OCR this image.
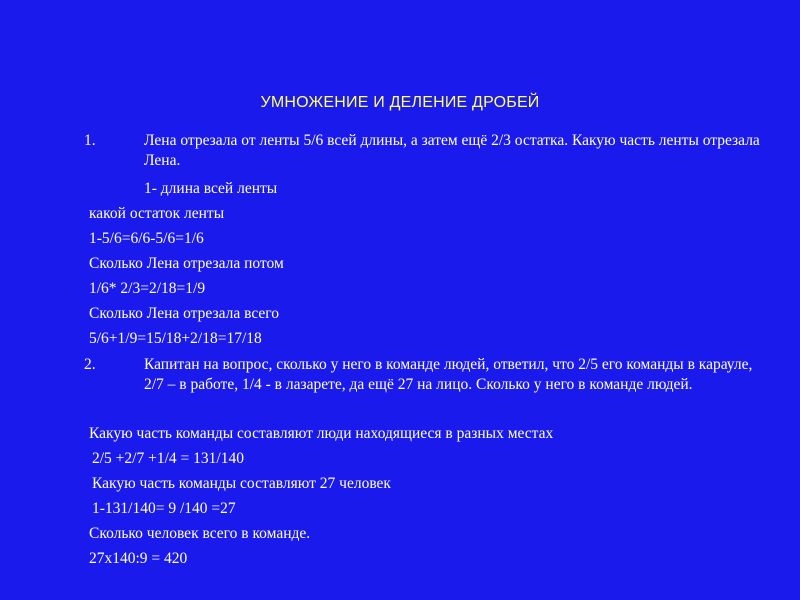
УМНОЖЕНИЕ И ДЕЛЕНИЕ ДРОБЕЙ
1.	Лена отрезала от ленты 5/6 всей длины, а затем ещё 2/3 остатка. Какую часть ленты отрезала Лена.
1- длина всей ленты
какой остаток ленты
1-5/6=6/6-5/6=1/6
Сколько Лена отрезала потом
1/6* 2/3=2/18=1/9
Сколько Лена отрезала всего
5/6+1/9=15/18+2/18=17/18
2.	Капитан на вопрос, сколько у него в команде людей, ответил, что 2/5 его команды в карауле, 2/7 – в работе, 1/4 - в лазарете, да ещё 27 на лицо. Сколько у него в команде людей.
Какую часть команды составляют люди находящиеся в разных местах
2/5 +2/7 +1/4 = 131/140
Какую часть команды составляют 27 человек
1-131/140= 9 /140 =27
Сколько человек всего в команде.
27х140:9 = 420
